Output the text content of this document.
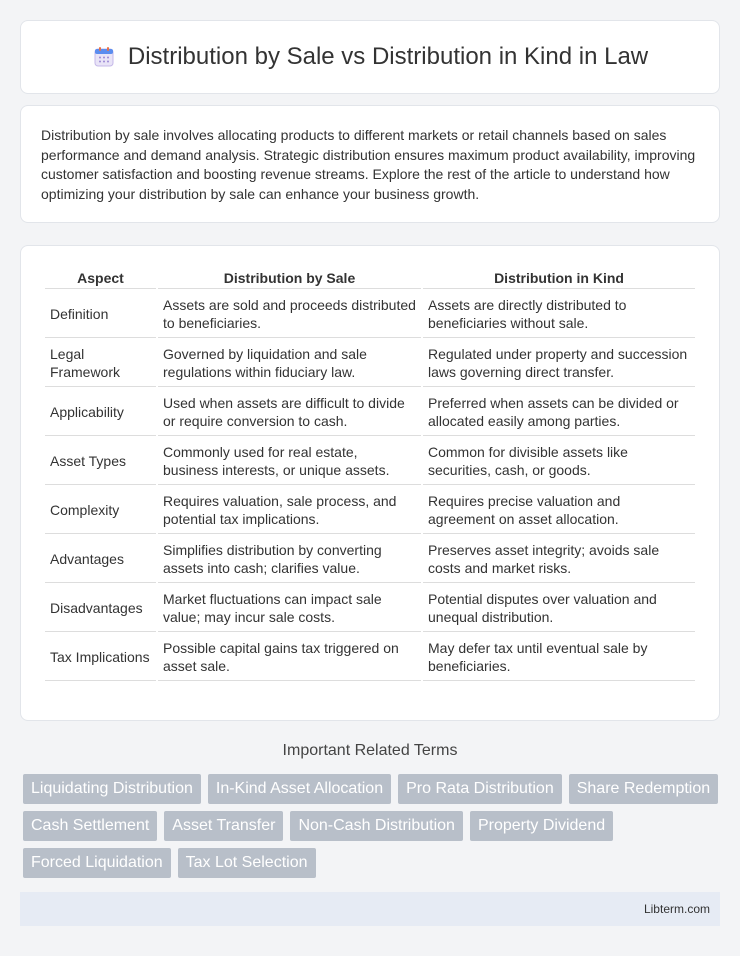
Distribution by Sale vs Distribution in Kind in Law

Distribution by sale involves allocating products to different markets or retail channels based on sales performance and demand analysis. Strategic distribution ensures maximum product availability, improving customer satisfaction and boosting revenue streams. Explore the rest of the article to understand how optimizing your distribution by sale can enhance your business growth.

Aspect	Distribution by Sale	Distribution in Kind
Definition	Assets are sold and proceeds distributed to beneficiaries.	Assets are directly distributed to beneficiaries without sale.
Legal Framework	Governed by liquidation and sale regulations within fiduciary law.	Regulated under property and succession laws governing direct transfer.
Applicability	Used when assets are difficult to divide or require conversion to cash.	Preferred when assets can be divided or allocated easily among parties.
Asset Types	Commonly used for real estate, business interests, or unique assets.	Common for divisible assets like securities, cash, or goods.
Complexity	Requires valuation, sale process, and potential tax implications.	Requires precise valuation and agreement on asset allocation.
Advantages	Simplifies distribution by converting assets into cash; clarifies value.	Preserves asset integrity; avoids sale costs and market risks.
Disadvantages	Market fluctuations can impact sale value; may incur sale costs.	Potential disputes over valuation and unequal distribution.
Tax Implications	Possible capital gains tax triggered on asset sale.	May defer tax until eventual sale by beneficiaries.
Important Related Terms
Liquidating Distribution	In-Kind Asset Allocation	Pro Rata Distribution	Share Redemption
Cash Settlement	Asset Transfer	Non-Cash Distribution	Property Dividend
Forced Liquidation	Tax Lot Selection
Libterm.com
